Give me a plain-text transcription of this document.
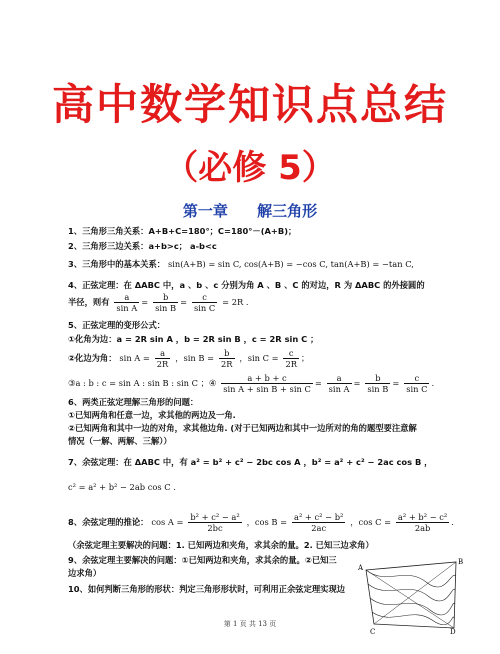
高中数学知识点总结
（必修 5）
第一章 解三角形
1、三角形三角关系：A+B+C=180°；C=180°－(A+B)；
2、三角形三边关系：a+b>c； a-b<c
3、三角形中的基本关系： sin(A+B) = sin C, cos(A+B) = −cos C, tan(A+B) = −tan C,
4、正弦定理：在 ΔABC 中，a 、b 、c 分别为角 A 、B 、C 的对边，R 为 ΔABC 的外接圆的
半径，则有 $\frac{a}{\text{sin A}} = \frac{b}{\text{sin B}} = \frac{c}{\text{sin C}} = 2R$ .
5、正弦定理的变形公式：
①化角为边：a = 2R sin A ，b = 2R sin B ，c = 2R sin C ；
②化边为角： $\sin A = \frac{a}{2R}$ ，$\sin B = \frac{b}{2R}$ ，$\sin C = \frac{c}{2R}$ ；
③a : b : c = sin A : sin B : sin C ；④ $\frac{a + b + c}{\text{sin A + sin B + sin C}} = \frac{a}{\text{sin A}} = \frac{b}{\text{sin B}} = \frac{c}{\text{sin C}}$ .
6、两类正弦定理解三角形的问题：
①已知两角和任意一边，求其他的两边及一角.
②已知两角和其中一边的对角，求其他边角. (对于已知两边和其中一边所对的角的题型要注意解
情况（一解、两解、三解））
7、余弦定理：在 ΔABC 中，有 a² = b² + c² − 2bc cos A ，b² = a² + c² − 2ac cos B ，
c² = a² + b² − 2ab cos C .
8、余弦定理的推论： $\cos A = \frac{\text{b² + c² − a²}}{2bc}$ ，$\cos B = \frac{\text{a² + c² − b²}}{2ac}$ ，$\cos C = \frac{\text{a² + b² − c²}}{2ab}$ .
（余弦定理主要解决的问题：1. 已知两边和夹角，求其余的量。2. 已知三边求角）
9、余弦定理主要解决的问题：①已知两边和夹角，求其余的量。②已知三
边求角）
10、如何判断三角形的形状：判定三角形形状时，可利用正余弦定理实现边
A
B
C	D
第 1 页 共 13 页
